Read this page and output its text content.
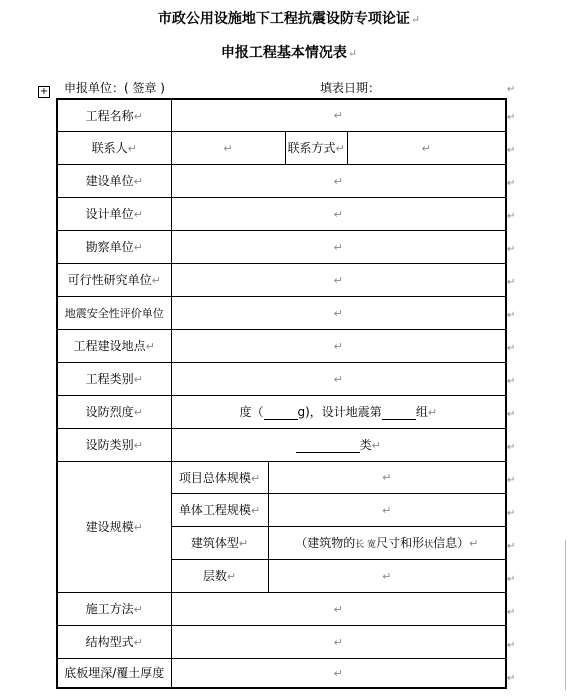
市政公用设施地下工程抗震设防专项论证↵
申报工程基本情况表↵
+ 申报单位：( 签章 )	填表日期：	↵
工程名称↵	↵			
联系人↵	↵		联系方式↵	↵
建设单位↵	↵			
设计单位↵	↵			
勘察单位↵	↵			
可行性研究单位↵	↵			
地震安全性评价单位	↵			
工程建设地点↵	↵			
工程类别↵	↵			
设防烈度↵	度（ g)，设计地震第 组↵			
设防类别↵	类↵			
建设规模↵	项目总体规模↵	↵		
	单体工程规模↵	↵		
	建筑体型↵	（建筑物的长 宽尺寸和形状信息）↵		
	层数↵	↵		
施工方法↵	↵			
结构型式↵	↵			
底板埋深/覆土厚度	↵			
↵
↵
↵
↵
↵
↵
↵
↵
↵
↵
↵
↵
↵
↵
↵
↵
↵
↵
